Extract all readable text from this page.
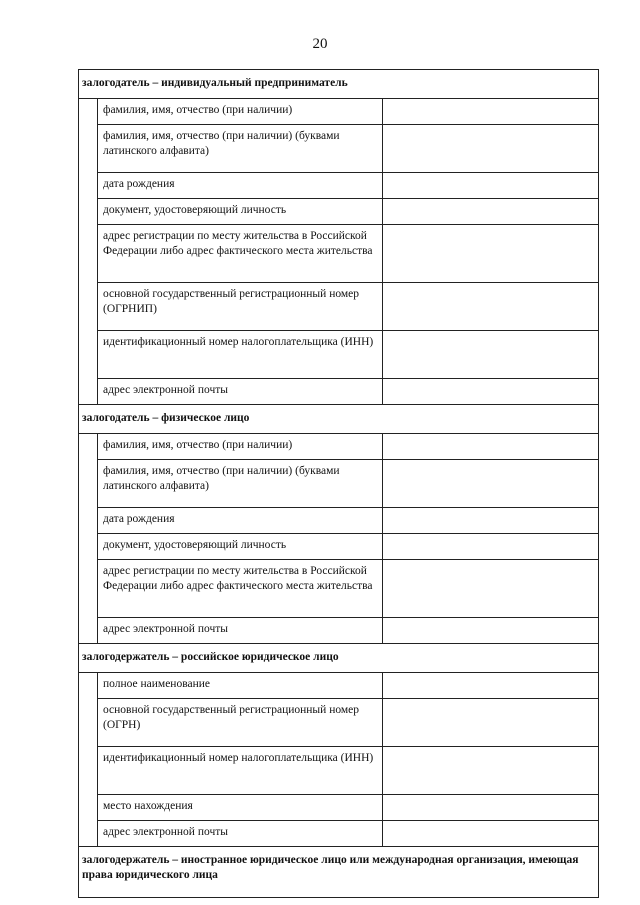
20
залогодатель – индивидуальный предприниматель		
	фамилия, имя, отчество (при наличии)	
	фамилия, имя, отчество (при наличии) (буквами латинского алфавита)	
	дата рождения	
	документ, удостоверяющий личность	
	адрес регистрации по месту жительства в Российской Федерации либо адрес фактического места жительства	
	основной государственный регистрационный номер (ОГРНИП)	
	идентификационный номер налогоплательщика (ИНН)	
	адрес электронной почты	
залогодатель – физическое лицо		
	фамилия, имя, отчество (при наличии)	
	фамилия, имя, отчество (при наличии) (буквами латинского алфавита)	
	дата рождения	
	документ, удостоверяющий личность	
	адрес регистрации по месту жительства в Российской Федерации либо адрес фактического места жительства	
	адрес электронной почты	
залогодержатель – российское юридическое лицо		
	полное наименование	
	основной государственный регистрационный номер (ОГРН)	
	идентификационный номер налогоплательщика (ИНН)	
	место нахождения	
	адрес электронной почты	
залогодержатель – иностранное юридическое лицо или международная организация, имеющая права юридического лица		
